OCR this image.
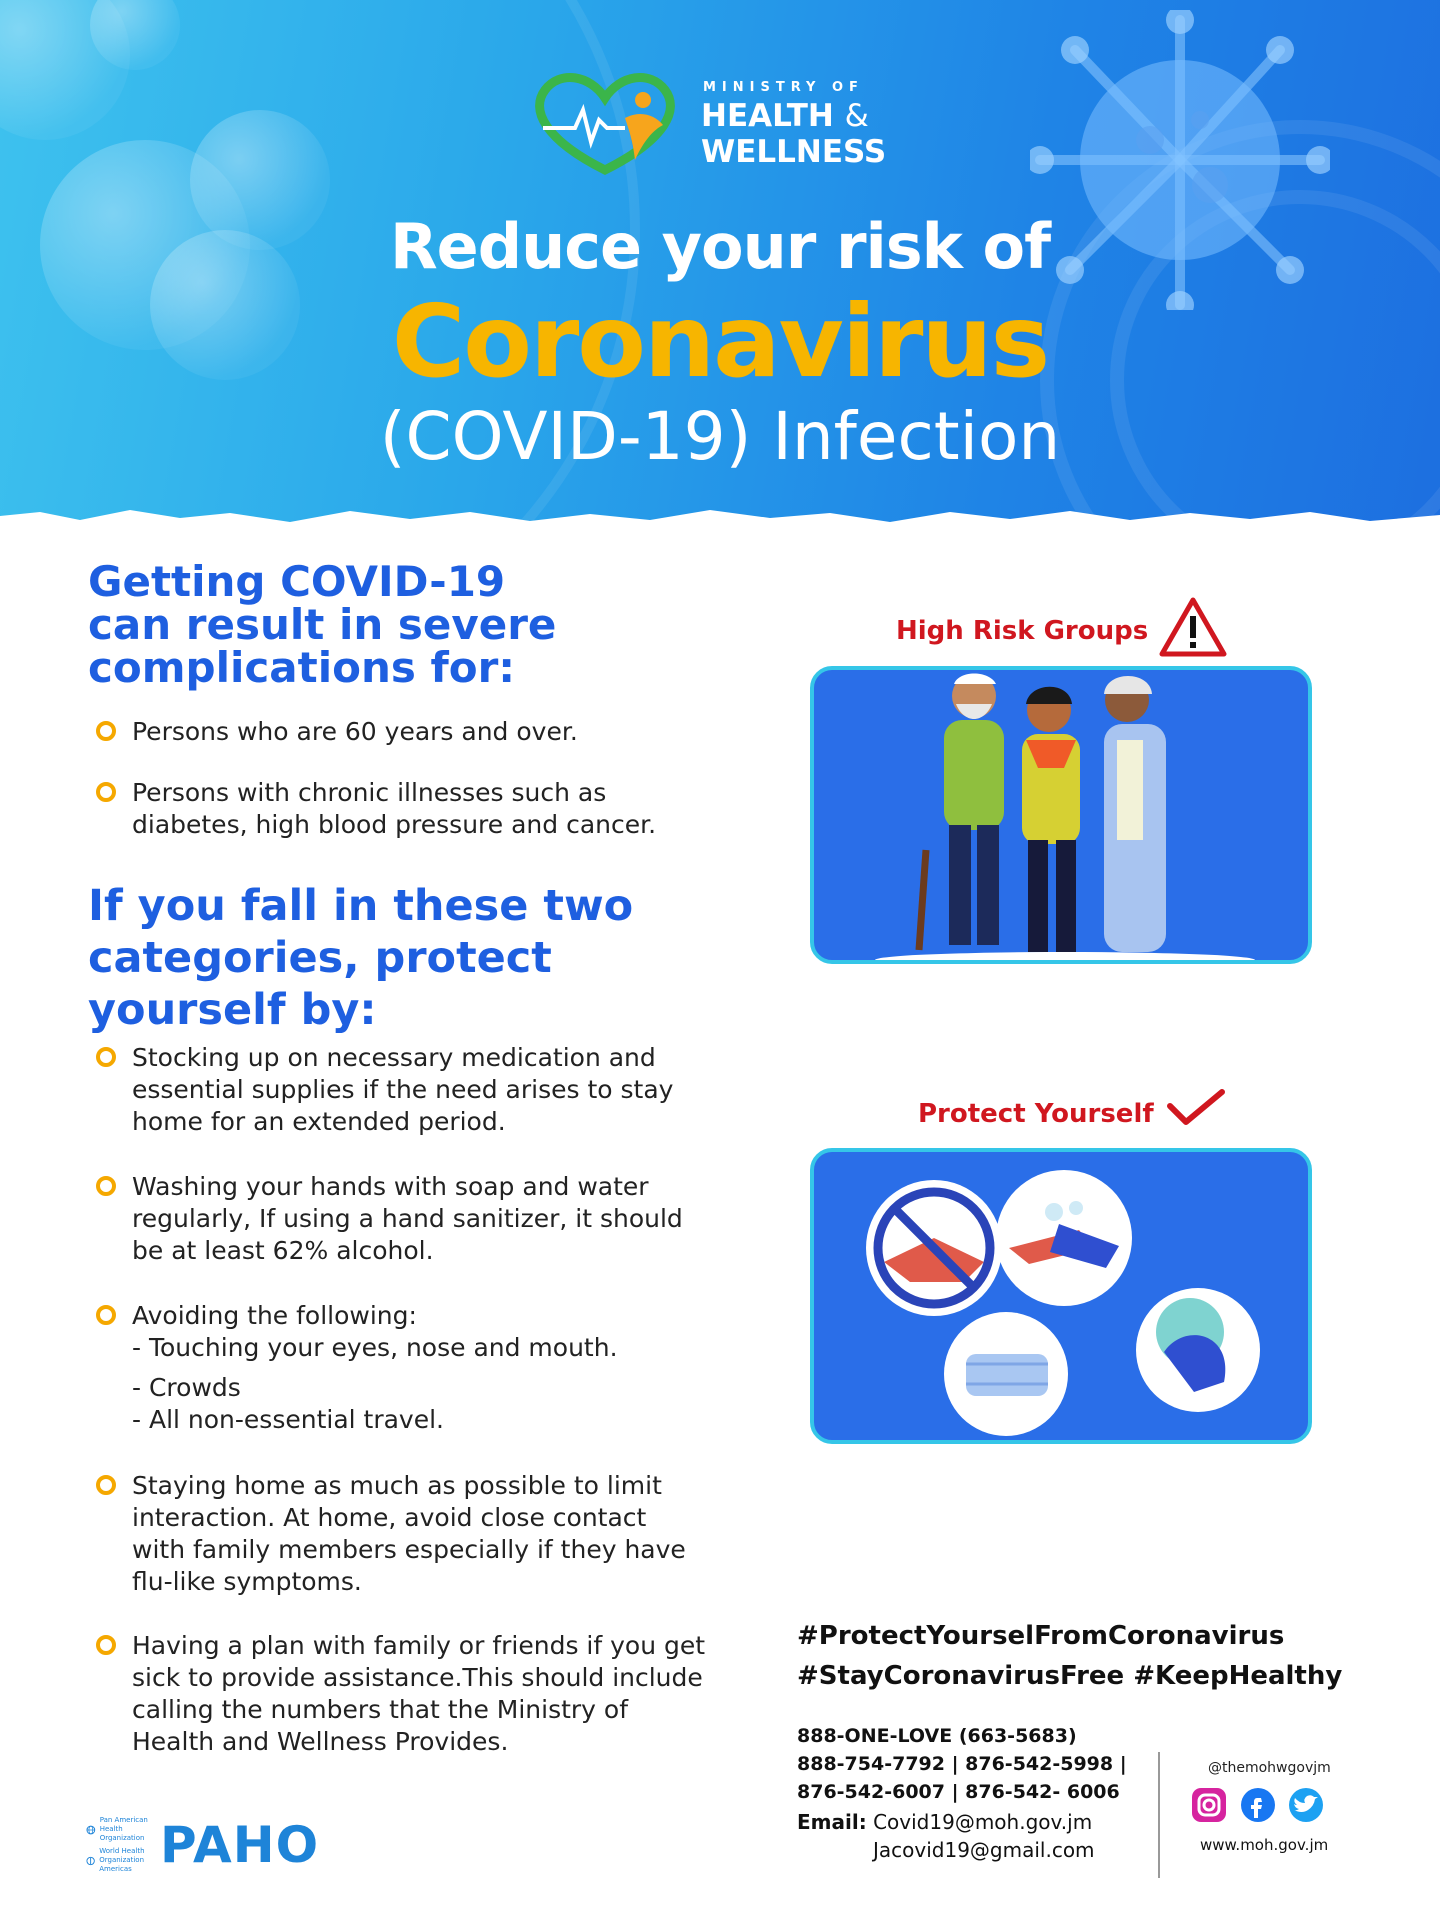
MINISTRY OF
HEALTH &
WELLNESS
Reduce your risk of
Coronavirus
(COVID-19) Infection
Getting COVID-19
can result in severe
complications for:
Persons who are 60 years and over.
Persons with chronic illnesses such as
diabetes, high blood pressure and cancer.
If you fall in these two
categories, protect
yourself by:
Stocking up on necessary medication and
essential supplies if the need arises to stay
home for an extended period.
Washing your hands with soap and water
regularly, If using a hand sanitizer, it should
be at least 62% alcohol.
Avoiding the following:
- Touching your eyes, nose and mouth.
- Crowds
- All non-essential travel.
Staying home as much as possible to limit
interaction. At home, avoid close contact
with family members especially if they have
flu-like symptoms.
Having a plan with family or friends if you get
sick to provide assistance.This should include
calling the numbers that the Ministry of
Health and Wellness Provides.
High Risk Groups
Protect Yourself
#ProtectYourselFromCoronavirus
#StayCoronavirusFree #KeepHealthy
888-ONE-LOVE (663-5683)
888-754-7792 | 876-542-5998 |
876-542-6007 | 876-542- 6006
Email: Covid19@moh.gov.jm
Jacovid19@gmail.com
@themohwgovjm
www.moh.gov.jm
Pan American Health Organization
World Health Organization Americas PAHO
